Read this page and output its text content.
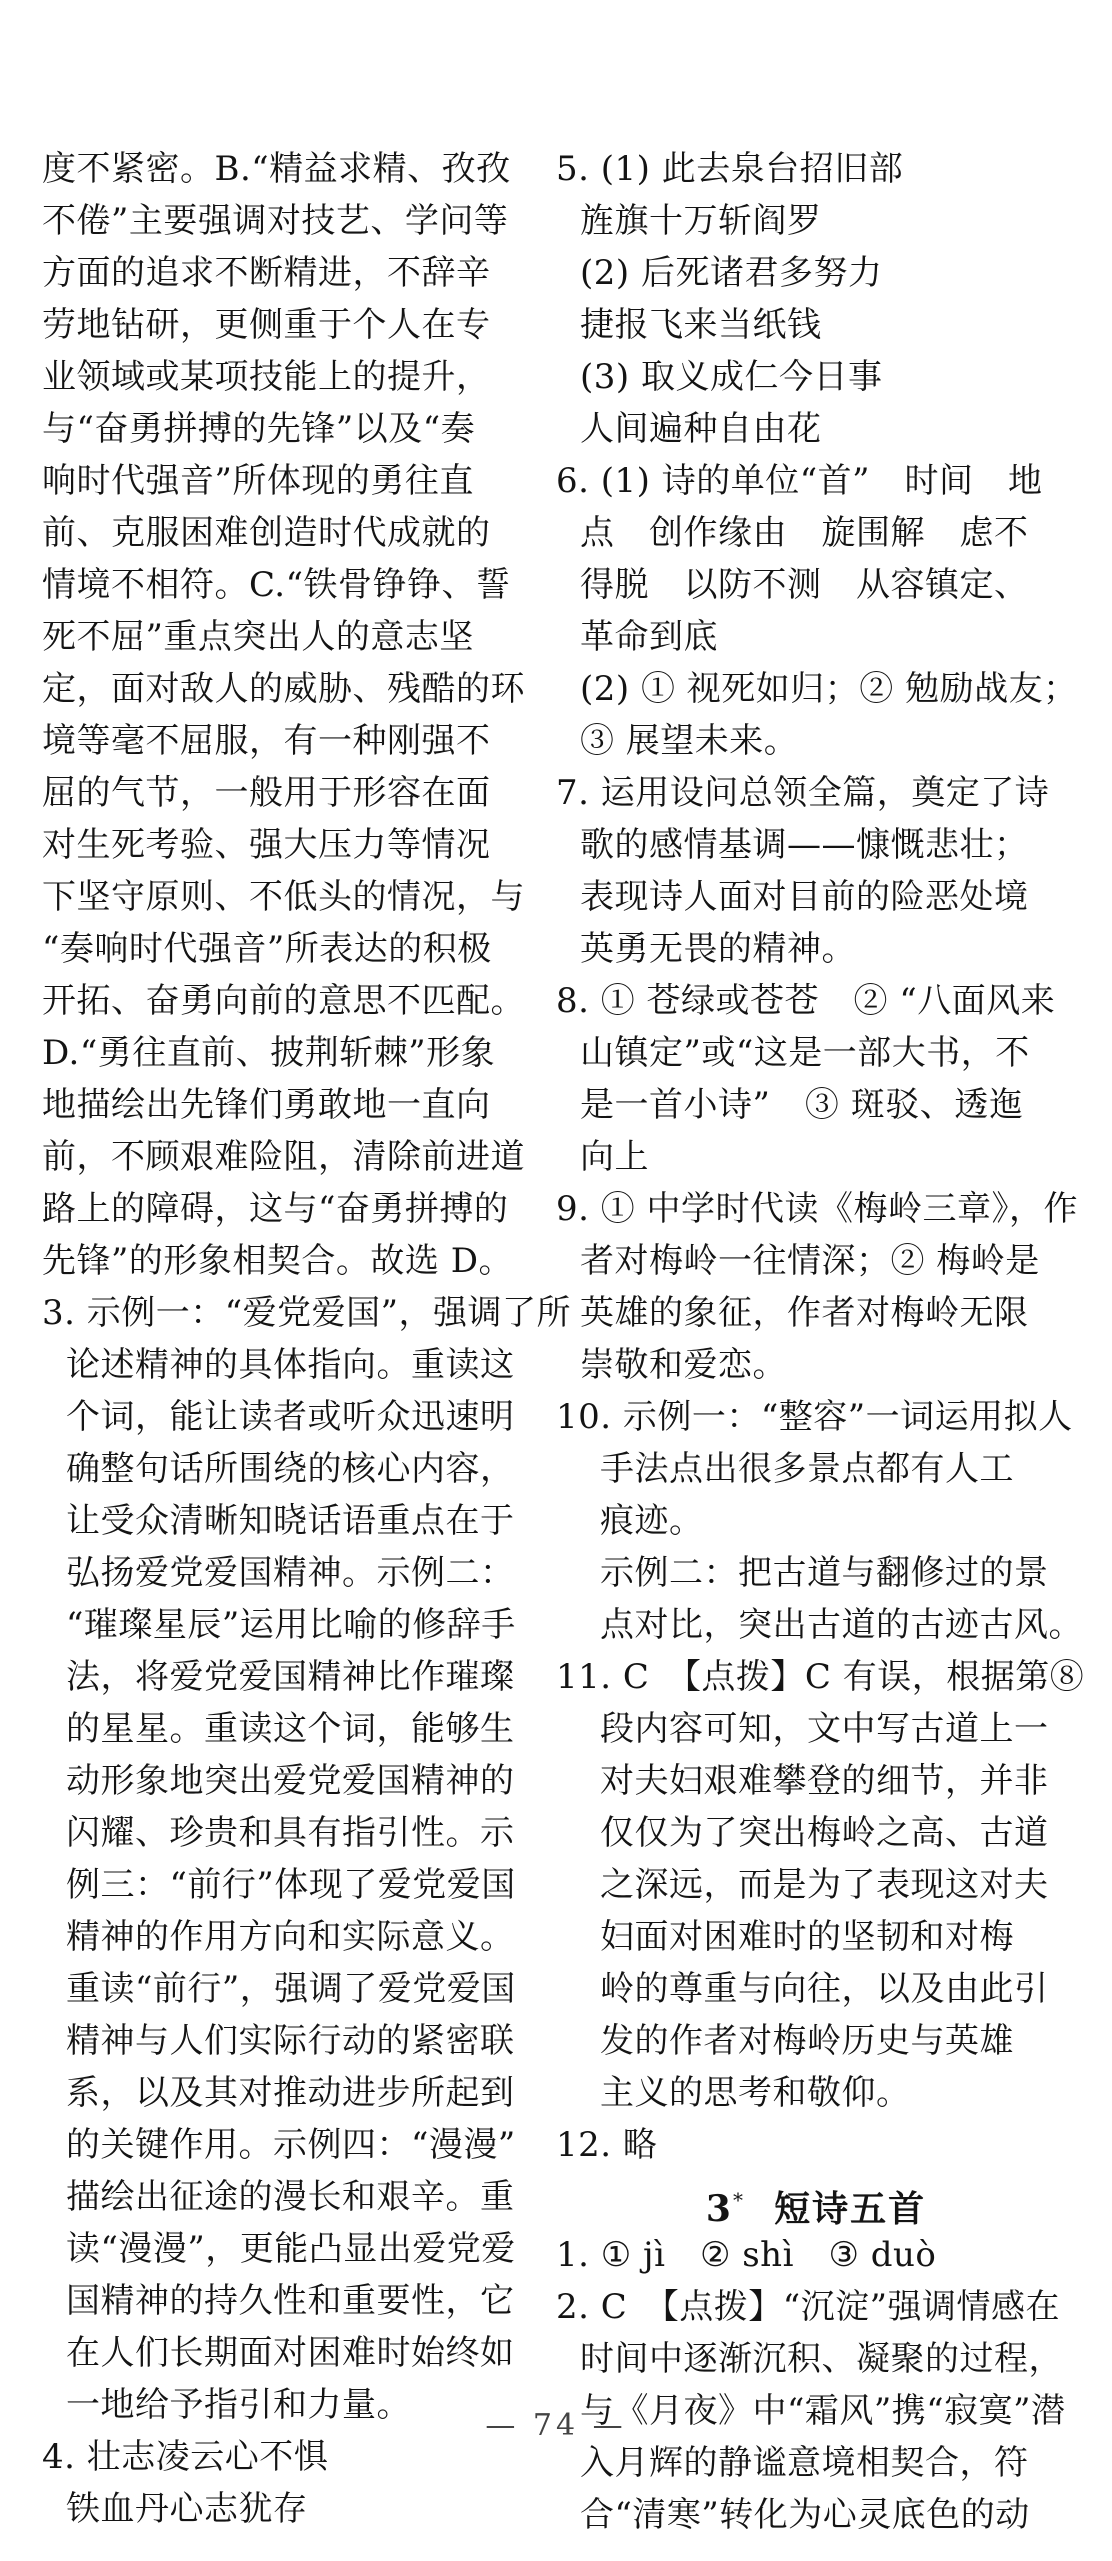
度不紧密。B.“精益求精、孜孜
不倦”主要强调对技艺、学问等
方面的追求不断精进，不辞辛
劳地钻研，更侧重于个人在专
业领域或某项技能上的提升，
与“奋勇拼搏的先锋”以及“奏
响时代强音”所体现的勇往直
前、克服困难创造时代成就的
情境不相符。C.“铁骨铮铮、誓
死不屈”重点突出人的意志坚
定，面对敌人的威胁、残酷的环
境等毫不屈服，有一种刚强不
屈的气节，一般用于形容在面
对生死考验、强大压力等情况
下坚守原则、不低头的情况，与
“奏响时代强音”所表达的积极
开拓、奋勇向前的意思不匹配。
D.“勇往直前、披荆斩棘”形象
地描绘出先锋们勇敢地一直向
前，不顾艰难险阻，清除前进道
路上的障碍，这与“奋勇拼搏的
先锋”的形象相契合。故选 D。
3. 示例一：“爱党爱国”，强调了所
论述精神的具体指向。重读这
个词，能让读者或听众迅速明
确整句话所围绕的核心内容，
让受众清晰知晓话语重点在于
弘扬爱党爱国精神。示例二：
“璀璨星辰”运用比喻的修辞手
法，将爱党爱国精神比作璀璨
的星星。重读这个词，能够生
动形象地突出爱党爱国精神的
闪耀、珍贵和具有指引性。示
例三：“前行”体现了爱党爱国
精神的作用方向和实际意义。
重读“前行”，强调了爱党爱国
精神与人们实际行动的紧密联
系，以及其对推动进步所起到
的关键作用。示例四：“漫漫”
描绘出征途的漫长和艰辛。重
读“漫漫”，更能凸显出爱党爱
国精神的持久性和重要性，它
在人们长期面对困难时始终如
一地给予指引和力量。
4. 壮志凌云心不惧
铁血丹心志犹存
5. (1) 此去泉台招旧部
旌旗十万斩阎罗
(2) 后死诸君多努力
捷报飞来当纸钱
(3) 取义成仁今日事
人间遍种自由花
6. (1) 诗的单位“首”　时间　地
点　创作缘由　旋围解　虑不
得脱　以防不测　从容镇定、
革命到底
(2) ① 视死如归；② 勉励战友；
③ 展望未来。
7. 运用设问总领全篇，奠定了诗
歌的感情基调——慷慨悲壮；
表现诗人面对目前的险恶处境
英勇无畏的精神。
8. ① 苍绿或苍苍　② “八面风来
山镇定”或“这是一部大书，不
是一首小诗”　③ 斑驳、透迤
向上
9. ① 中学时代读《梅岭三章》，作
者对梅岭一往情深；② 梅岭是
英雄的象征，作者对梅岭无限
崇敬和爱恋。
10. 示例一：“整容”一词运用拟人
手法点出很多景点都有人工
痕迹。
示例二：把古道与翻修过的景
点对比，突出古道的古迹古风。
11. C　【点拨】C 有误，根据第⑧
段内容可知，文中写古道上一
对夫妇艰难攀登的细节，并非
仅仅为了突出梅岭之高、古道
之深远，而是为了表现这对夫
妇面对困难时的坚韧和对梅
岭的尊重与向往，以及由此引
发的作者对梅岭历史与英雄
主义的思考和敬仰。
12. 略
3* 短诗五首
1. ① jì　② shì　③ duò
2. C　【点拨】“沉淀”强调情感在
时间中逐渐沉积、凝聚的过程，
与《月夜》中“霜风”携“寂寞”潜
入月辉的静谧意境相契合，符
合“清寒”转化为心灵底色的动
— 74 —
